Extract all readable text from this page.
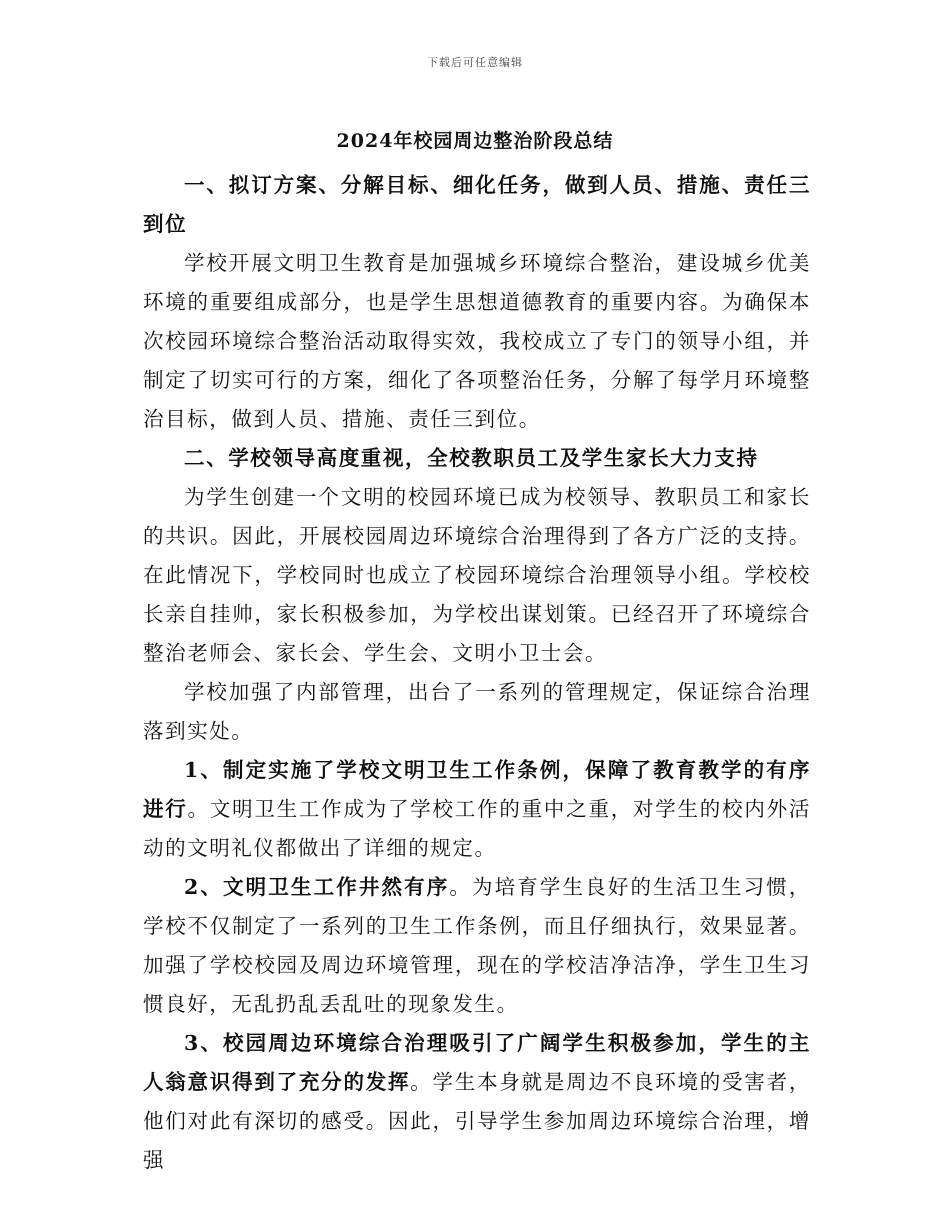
下载后可任意编辑
2024年校园周边整治阶段总结

一、拟订方案、分解目标、细化任务，做到人员、措施、责任三到位

学校开展文明卫生教育是加强城乡环境综合整治，建设城乡优美环境的重要组成部分，也是学生思想道德教育的重要内容。为确保本次校园环境综合整治活动取得实效，我校成立了专门的领导小组，并制定了切实可行的方案，细化了各项整治任务，分解了每学月环境整治目标，做到人员、措施、责任三到位。

二、学校领导高度重视，全校教职员工及学生家长大力支持

为学生创建一个文明的校园环境已成为校领导、教职员工和家长的共识。因此，开展校园周边环境综合治理得到了各方广泛的支持。在此情况下，学校同时也成立了校园环境综合治理领导小组。学校校长亲自挂帅，家长积极参加，为学校出谋划策。已经召开了环境综合整治老师会、家长会、学生会、文明小卫士会。

学校加强了内部管理，出台了一系列的管理规定，保证综合治理落到实处。

1、制定实施了学校文明卫生工作条例，保障了教育教学的有序进行。文明卫生工作成为了学校工作的重中之重，对学生的校内外活动的文明礼仪都做出了详细的规定。

2、文明卫生工作井然有序。为培育学生良好的生活卫生习惯，学校不仅制定了一系列的卫生工作条例，而且仔细执行，效果显著。加强了学校校园及周边环境管理，现在的学校洁净洁净，学生卫生习惯良好，无乱扔乱丢乱吐的现象发生。

3、校园周边环境综合治理吸引了广阔学生积极参加，学生的主人翁意识得到了充分的发挥。学生本身就是周边不良环境的受害者，他们对此有深切的感受。因此，引导学生参加周边环境综合治理，增强
